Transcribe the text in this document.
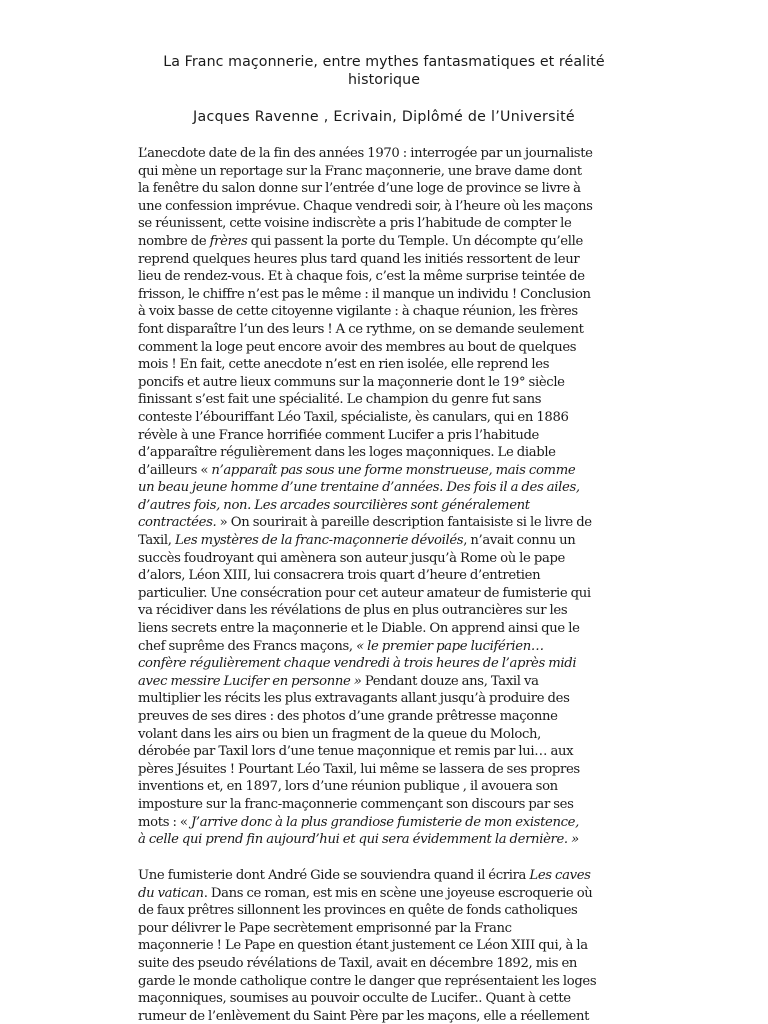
La Franc maçonnerie, entre mythes fantasmatiques et réalité
historique

Jacques Ravenne , Ecrivain, Diplômé de l’Université

L’anecdote date de la fin des années 1970 : interrogée par un journaliste
qui mène un reportage sur la Franc maçonnerie, une brave dame dont
la fenêtre du salon donne sur l’entrée d’une loge de province se livre à
une confession imprévue. Chaque vendredi soir, à l’heure où les maçons
se réunissent, cette voisine indiscrète a pris l’habitude de compter le
nombre de frères qui passent la porte du Temple. Un décompte qu’elle
reprend quelques heures plus tard quand les initiés ressortent de leur
lieu de rendez-vous. Et à chaque fois, c’est la même surprise teintée de
frisson, le chiffre n’est pas le même : il manque un individu ! Conclusion
à voix basse de cette citoyenne vigilante : à chaque réunion, les frères
font disparaître l’un des leurs ! A ce rythme, on se demande seulement
comment la loge peut encore avoir des membres au bout de quelques
mois ! En fait, cette anecdote n’est en rien isolée, elle reprend les
poncifs et autre lieux communs sur la maçonnerie dont le 19° siècle
finissant s’est fait une spécialité. Le champion du genre fut sans
conteste l’ébouriffant Léo Taxil, spécialiste, ès canulars, qui en 1886
révèle à une France horrifiée comment Lucifer a pris l’habitude
d’apparaître régulièrement dans les loges maçonniques. Le diable
d’ailleurs « n’apparaît pas sous une forme monstrueuse, mais comme
un beau jeune homme d’une trentaine d’années. Des fois il a des ailes,
d’autres fois, non. Les arcades sourcilières sont généralement
contractées. » On sourirait à pareille description fantaisiste si le livre de
Taxil, Les mystères de la franc-maçonnerie dévoilés, n’avait connu un
succès foudroyant qui amènera son auteur jusqu’à Rome où le pape
d’alors, Léon XIII, lui consacrera trois quart d’heure d’entretien
particulier. Une consécration pour cet auteur amateur de fumisterie qui
va récidiver dans les révélations de plus en plus outrancières sur les
liens secrets entre la maçonnerie et le Diable. On apprend ainsi que le
chef suprême des Francs maçons, « le premier pape luciférien…
confère régulièrement chaque vendredi à trois heures de l’après midi
avec messire Lucifer en personne » Pendant douze ans, Taxil va
multiplier les récits les plus extravagants allant jusqu’à produire des
preuves de ses dires : des photos d’une grande prêtresse maçonne
volant dans les airs ou bien un fragment de la queue du Moloch,
dérobée par Taxil lors d’une tenue maçonnique et remis par lui… aux
pères Jésuites ! Pourtant Léo Taxil, lui même se lassera de ses propres
inventions et, en 1897, lors d’une réunion publique , il avouera son
imposture sur la franc-maçonnerie commençant son discours par ses
mots : « J’arrive donc à la plus grandiose fumisterie de mon existence,
à celle qui prend fin aujourd’hui et qui sera évidemment la dernière. »
Une fumisterie dont André Gide se souviendra quand il écrira Les caves
du vatican. Dans ce roman, est mis en scène une joyeuse escroquerie où
de faux prêtres sillonnent les provinces en quête de fonds catholiques
pour délivrer le Pape secrètement emprisonné par la Franc
maçonnerie ! Le Pape en question étant justement ce Léon XIII qui, à la
suite des pseudo révélations de Taxil, avait en décembre 1892, mis en
garde le monde catholique contre le danger que représentaient les loges
maçonniques, soumises au pouvoir occulte de Lucifer.. Quant à cette
rumeur de l’enlèvement du Saint Père par les maçons, elle a réellement
